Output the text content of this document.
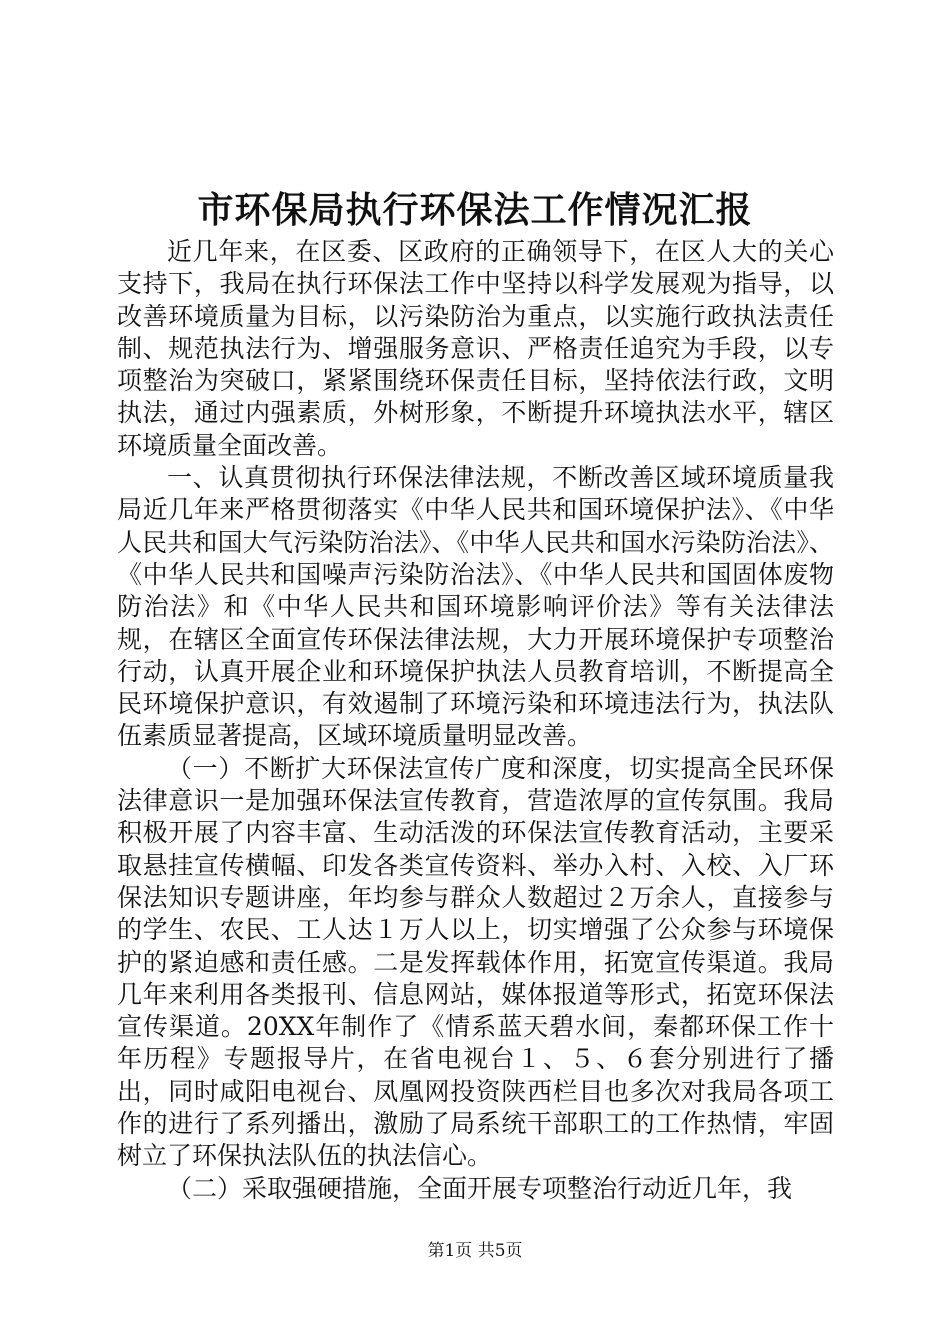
市环保局执行环保法工作情况汇报

近几年来，在区委、区政府的正确领导下，在区人大的关心支持下，我局在执行环保法工作中坚持以科学发展观为指导，以改善环境质量为目标，以污染防治为重点，以实施行政执法责任制、规范执法行为、增强服务意识、严格责任追究为手段，以专项整治为突破口，紧紧围绕环保责任目标，坚持依法行政，文明执法，通过内强素质，外树形象，不断提升环境执法水平，辖区环境质量全面改善。

一、认真贯彻执行环保法律法规，不断改善区域环境质量我局近几年来严格贯彻落实《中华人民共和国环境保护法》、《中华人民共和国大气污染防治法》、《中华人民共和国水污染防治法》、《中华人民共和国噪声污染防治法》、《中华人民共和国固体废物防治法》和《中华人民共和国环境影响评价法》等有关法律法规，在辖区全面宣传环保法律法规，大力开展环境保护专项整治行动，认真开展企业和环境保护执法人员教育培训，不断提高全民环境保护意识，有效遏制了环境污染和环境违法行为，执法队伍素质显著提高，区域环境质量明显改善。

（一）不断扩大环保法宣传广度和深度，切实提高全民环保法律意识一是加强环保法宣传教育，营造浓厚的宣传氛围。我局积极开展了内容丰富、生动活泼的环保法宣传教育活动，主要采取悬挂宣传横幅、印发各类宣传资料、举办入村、入校、入厂环保法知识专题讲座，年均参与群众人数超过２万余人，直接参与的学生、农民、工人达１万人以上，切实增强了公众参与环境保护的紧迫感和责任感。二是发挥载体作用，拓宽宣传渠道。我局几年来利用各类报刊、信息网站，媒体报道等形式，拓宽环保法宣传渠道。20XX年制作了《情系蓝天碧水间，秦都环保工作十年历程》专题报导片，在省电视台１、５、６套分别进行了播出，同时咸阳电视台、凤凰网投资陕西栏目也多次对我局各项工作的进行了系列播出，激励了局系统干部职工的工作热情，牢固树立了环保执法队伍的执法信心。

（二）采取强硬措施，全面开展专项整治行动近几年，我

第1页 共5页
